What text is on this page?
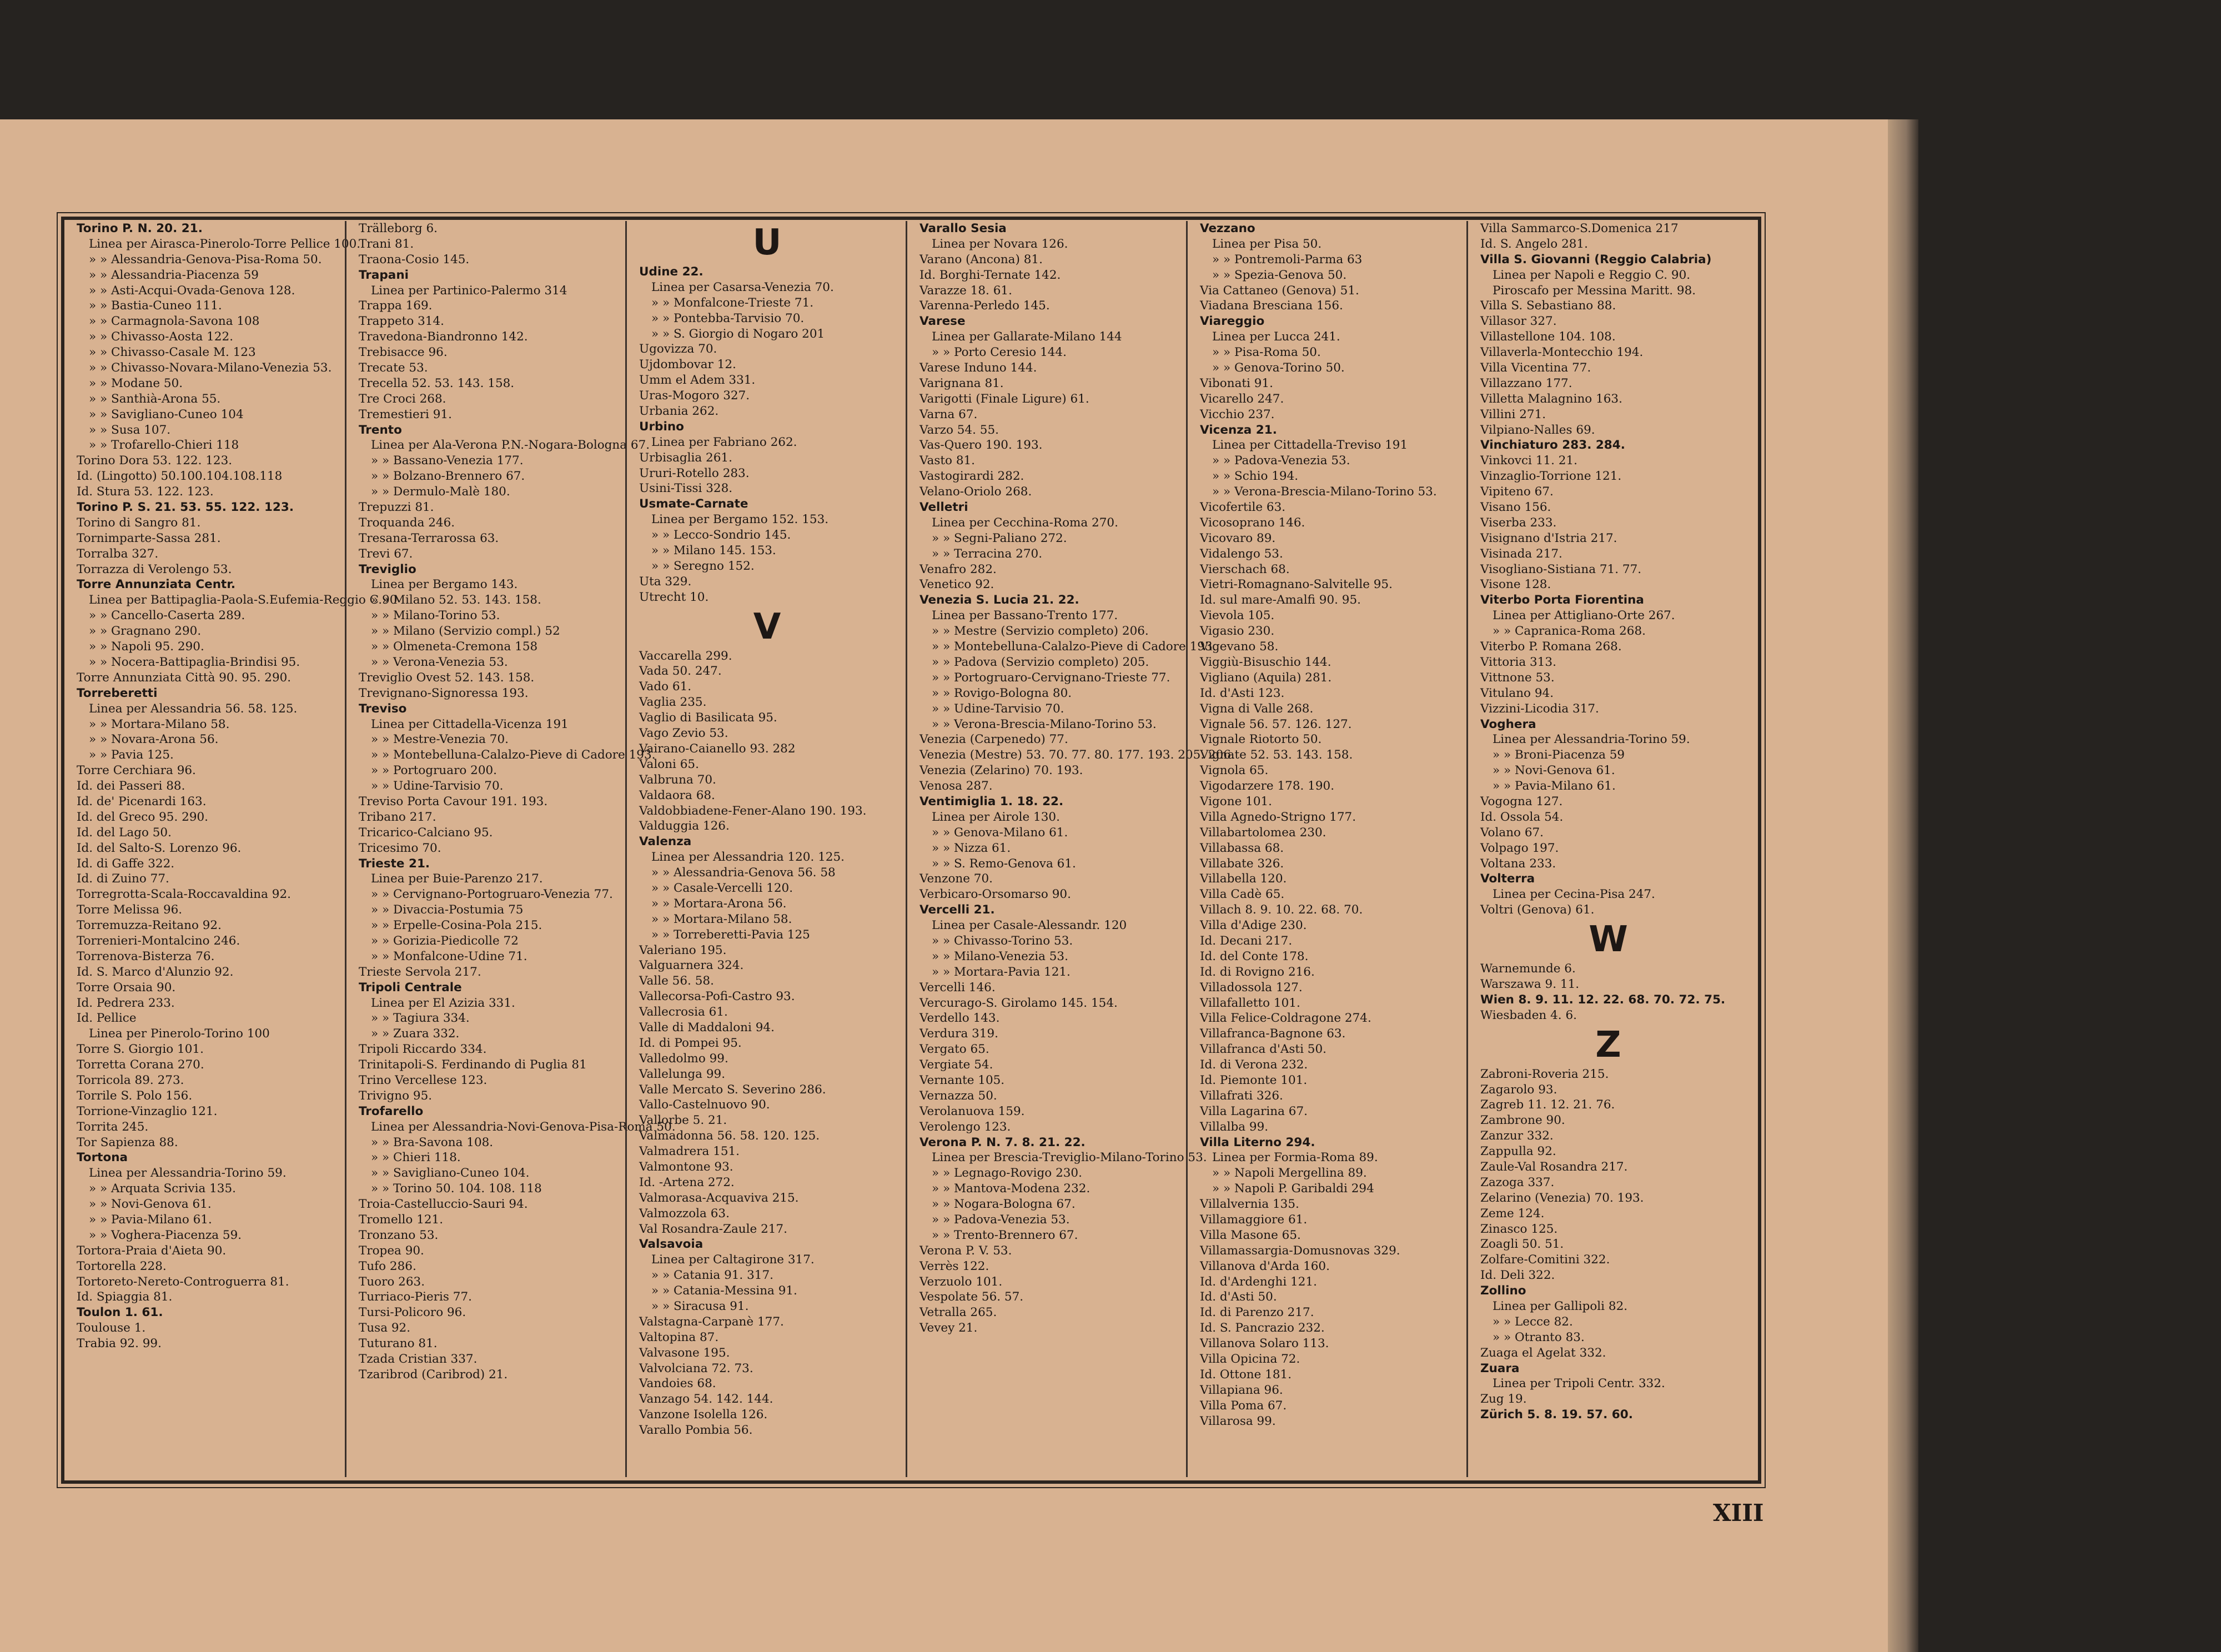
Torino P. N. 20. 21.
Linea per Airasca-Pinerolo-Torre Pellice 100.
» » Alessandria-Genova-Pisa-Roma 50.
» » Alessandria-Piacenza 59
» » Asti-Acqui-Ovada-Genova 128.
» » Bastia-Cuneo 111.
» » Carmagnola-Savona 108
» » Chivasso-Aosta 122.
» » Chivasso-Casale M. 123
» » Chivasso-Novara-Milano-Venezia 53.
» » Modane 50.
» » Santhià-Arona 55.
» » Savigliano-Cuneo 104
» » Susa 107.
» » Trofarello-Chieri 118
Torino Dora 53. 122. 123.
Id. (Lingotto) 50.100.104.108.118
Id. Stura 53. 122. 123.
Torino P. S. 21. 53. 55. 122. 123.
Torino di Sangro 81.
Tornimparte-Sassa 281.
Torralba 327.
Torrazza di Verolengo 53.
Torre Annunziata Centr.
Linea per Battipaglia-Paola-S.Eufemia-Reggio C.90
» » Cancello-Caserta 289.
» » Gragnano 290.
» » Napoli 95. 290.
» » Nocera-Battipaglia-Brindisi 95.
Torre Annunziata Città 90. 95. 290.
Torreberetti
Linea per Alessandria 56. 58. 125.
» » Mortara-Milano 58.
» » Novara-Arona 56.
» » Pavia 125.
Torre Cerchiara 96.
Id. dei Passeri 88.
Id. de' Picenardi 163.
Id. del Greco 95. 290.
Id. del Lago 50.
Id. del Salto-S. Lorenzo 96.
Id. di Gaffe 322.
Id. di Zuino 77.
Torregrotta-Scala-Roccavaldina 92.
Torre Melissa 96.
Torremuzza-Reitano 92.
Torrenieri-Montalcino 246.
Torrenova-Bisterza 76.
Id. S. Marco d'Alunzio 92.
Torre Orsaia 90.
Id. Pedrera 233.
Id. Pellice
Linea per Pinerolo-Torino 100
Torre S. Giorgio 101.
Torretta Corana 270.
Torricola 89. 273.
Torrile S. Polo 156.
Torrione-Vinzaglio 121.
Torrita 245.
Tor Sapienza 88.
Tortona
Linea per Alessandria-Torino 59.
» » Arquata Scrivia 135.
» » Novi-Genova 61.
» » Pavia-Milano 61.
» » Voghera-Piacenza 59.
Tortora-Praia d'Aieta 90.
Tortorella 228.
Tortoreto-Nereto-Controguerra 81.
Id. Spiaggia 81.
Toulon 1. 61.
Toulouse 1.
Trabia 92. 99.
Trälleborg 6.
Trani 81.
Traona-Cosio 145.
Trapani
Linea per Partinico-Palermo 314
Trappa 169.
Trappeto 314.
Travedona-Biandronno 142.
Trebisacce 96.
Trecate 53.
Trecella 52. 53. 143. 158.
Tre Croci 268.
Tremestieri 91.
Trento
Linea per Ala-Verona P.N.-Nogara-Bologna 67.
» » Bassano-Venezia 177.
» » Bolzano-Brennero 67.
» » Dermulo-Malè 180.
Trepuzzi 81.
Troquanda 246.
Tresana-Terrarossa 63.
Trevi 67.
Treviglio
Linea per Bergamo 143.
» » Milano 52. 53. 143. 158.
» » Milano-Torino 53.
» » Milano (Servizio compl.) 52
» » Olmeneta-Cremona 158
» » Verona-Venezia 53.
Treviglio Ovest 52. 143. 158.
Trevignano-Signoressa 193.
Treviso
Linea per Cittadella-Vicenza 191
» » Mestre-Venezia 70.
» » Montebelluna-Calalzo-Pieve di Cadore 193.
» » Portogruaro 200.
» » Udine-Tarvisio 70.
Treviso Porta Cavour 191. 193.
Tribano 217.
Tricarico-Calciano 95.
Tricesimo 70.
Trieste 21.
Linea per Buie-Parenzo 217.
» » Cervignano-Portogruaro-Venezia 77.
» » Divaccia-Postumia 75
» » Erpelle-Cosina-Pola 215.
» » Gorizia-Piedicolle 72
» » Monfalcone-Udine 71.
Trieste Servola 217.
Tripoli Centrale
Linea per El Azizia 331.
» » Tagiura 334.
» » Zuara 332.
Tripoli Riccardo 334.
Trinitapoli-S. Ferdinando di Puglia 81
Trino Vercellese 123.
Trivigno 95.
Trofarello
Linea per Alessandria-Novi-Genova-Pisa-Roma 50.
» » Bra-Savona 108.
» » Chieri 118.
» » Savigliano-Cuneo 104.
» » Torino 50. 104. 108. 118
Troia-Castelluccio-Sauri 94.
Tromello 121.
Tronzano 53.
Tropea 90.
Tufo 286.
Tuoro 263.
Turriaco-Pieris 77.
Tursi-Policoro 96.
Tusa 92.
Tuturano 81.
Tzada Cristian 337.
Tzaribrod (Caribrod) 21.
U
Udine 22.
Linea per Casarsa-Venezia 70.
» » Monfalcone-Trieste 71.
» » Pontebba-Tarvisio 70.
» » S. Giorgio di Nogaro 201
Ugovizza 70.
Ujdombovar 12.
Umm el Adem 331.
Uras-Mogoro 327.
Urbania 262.
Urbino
Linea per Fabriano 262.
Urbisaglia 261.
Ururi-Rotello 283.
Usini-Tissi 328.
Usmate-Carnate
Linea per Bergamo 152. 153.
» » Lecco-Sondrio 145.
» » Milano 145. 153.
» » Seregno 152.
Uta 329.
Utrecht 10.
V
Vaccarella 299.
Vada 50. 247.
Vado 61.
Vaglia 235.
Vaglio di Basilicata 95.
Vago Zevio 53.
Vairano-Caianello 93. 282
Valoni 65.
Valbruna 70.
Valdaora 68.
Valdobbiadene-Fener-Alano 190. 193.
Valduggia 126.
Valenza
Linea per Alessandria 120. 125.
» » Alessandria-Genova 56. 58
» » Casale-Vercelli 120.
» » Mortara-Arona 56.
» » Mortara-Milano 58.
» » Torreberetti-Pavia 125
Valeriano 195.
Valguarnera 324.
Valle 56. 58.
Vallecorsa-Pofi-Castro 93.
Vallecrosia 61.
Valle di Maddaloni 94.
Id. di Pompei 95.
Valledolmo 99.
Vallelunga 99.
Valle Mercato S. Severino 286.
Vallo-Castelnuovo 90.
Vallorbe 5. 21.
Valmadonna 56. 58. 120. 125.
Valmadrera 151.
Valmontone 93.
Id. -Artena 272.
Valmorasa-Acquaviva 215.
Valmozzola 63.
Val Rosandra-Zaule 217.
Valsavoia
Linea per Caltagirone 317.
» » Catania 91. 317.
» » Catania-Messina 91.
» » Siracusa 91.
Valstagna-Carpanè 177.
Valtopina 87.
Valvasone 195.
Valvolciana 72. 73.
Vandoies 68.
Vanzago 54. 142. 144.
Vanzone Isolella 126.
Varallo Pombia 56.
Varallo Sesia
Linea per Novara 126.
Varano (Ancona) 81.
Id. Borghi-Ternate 142.
Varazze 18. 61.
Varenna-Perledo 145.
Varese
Linea per Gallarate-Milano 144
» » Porto Ceresio 144.
Varese Induno 144.
Varignana 81.
Varigotti (Finale Ligure) 61.
Varna 67.
Varzo 54. 55.
Vas-Quero 190. 193.
Vasto 81.
Vastogirardi 282.
Velano-Oriolo 268.
Velletri
Linea per Cecchina-Roma 270.
» » Segni-Paliano 272.
» » Terracina 270.
Venafro 282.
Venetico 92.
Venezia S. Lucia 21. 22.
Linea per Bassano-Trento 177.
» » Mestre (Servizio completo) 206.
» » Montebelluna-Calalzo-Pieve di Cadore 193.
» » Padova (Servizio completo) 205.
» » Portogruaro-Cervignano-Trieste 77.
» » Rovigo-Bologna 80.
» » Udine-Tarvisio 70.
» » Verona-Brescia-Milano-Torino 53.
Venezia (Carpenedo) 77.
Venezia (Mestre) 53. 70. 77. 80. 177. 193. 205. 206.
Venezia (Zelarino) 70. 193.
Venosa 287.
Ventimiglia 1. 18. 22.
Linea per Airole 130.
» » Genova-Milano 61.
» » Nizza 61.
» » S. Remo-Genova 61.
Venzone 70.
Verbicaro-Orsomarso 90.
Vercelli 21.
Linea per Casale-Alessandr. 120
» » Chivasso-Torino 53.
» » Milano-Venezia 53.
» » Mortara-Pavia 121.
Vercelli 146.
Vercurago-S. Girolamo 145. 154.
Verdello 143.
Verdura 319.
Vergato 65.
Vergiate 54.
Vernante 105.
Vernazza 50.
Verolanuova 159.
Verolengo 123.
Verona P. N. 7. 8. 21. 22.
Linea per Brescia-Treviglio-Milano-Torino 53.
» » Legnago-Rovigo 230.
» » Mantova-Modena 232.
» » Nogara-Bologna 67.
» » Padova-Venezia 53.
» » Trento-Brennero 67.
Verona P. V. 53.
Verrès 122.
Verzuolo 101.
Vespolate 56. 57.
Vetralla 265.
Vevey 21.
Vezzano
Linea per Pisa 50.
» » Pontremoli-Parma 63
» » Spezia-Genova 50.
Via Cattaneo (Genova) 51.
Viadana Bresciana 156.
Viareggio
Linea per Lucca 241.
» » Pisa-Roma 50.
» » Genova-Torino 50.
Vibonati 91.
Vicarello 247.
Vicchio 237.
Vicenza 21.
Linea per Cittadella-Treviso 191
» » Padova-Venezia 53.
» » Schio 194.
» » Verona-Brescia-Milano-Torino 53.
Vicofertile 63.
Vicosoprano 146.
Vicovaro 89.
Vidalengo 53.
Vierschach 68.
Vietri-Romagnano-Salvitelle 95.
Id. sul mare-Amalfi 90. 95.
Vievola 105.
Vigasio 230.
Vigevano 58.
Viggiù-Bisuschio 144.
Vigliano (Aquila) 281.
Id. d'Asti 123.
Vigna di Valle 268.
Vignale 56. 57. 126. 127.
Vignale Riotorto 50.
Vignate 52. 53. 143. 158.
Vignola 65.
Vigodarzere 178. 190.
Vigone 101.
Villa Agnedo-Strigno 177.
Villabartolomea 230.
Villabassa 68.
Villabate 326.
Villabella 120.
Villa Cadè 65.
Villach 8. 9. 10. 22. 68. 70.
Villa d'Adige 230.
Id. Decani 217.
Id. del Conte 178.
Id. di Rovigno 216.
Villadossola 127.
Villafalletto 101.
Villa Felice-Coldragone 274.
Villafranca-Bagnone 63.
Villafranca d'Asti 50.
Id. di Verona 232.
Id. Piemonte 101.
Villafrati 326.
Villa Lagarina 67.
Villalba 99.
Villa Literno 294.
Linea per Formia-Roma 89.
» » Napoli Mergellina 89.
» » Napoli P. Garibaldi 294
Villalvernia 135.
Villamaggiore 61.
Villa Masone 65.
Villamassargia-Domusnovas 329.
Villanova d'Arda 160.
Id. d'Ardenghi 121.
Id. d'Asti 50.
Id. di Parenzo 217.
Id. S. Pancrazio 232.
Villanova Solaro 113.
Villa Opicina 72.
Id. Ottone 181.
Villapiana 96.
Villa Poma 67.
Villarosa 99.
Villa Sammarco-S.Domenica 217
Id. S. Angelo 281.
Villa S. Giovanni (Reggio Calabria)
Linea per Napoli e Reggio C. 90.
Piroscafo per Messina Maritt. 98.
Villa S. Sebastiano 88.
Villasor 327.
Villastellone 104. 108.
Villaverla-Montecchio 194.
Villa Vicentina 77.
Villazzano 177.
Villetta Malagnino 163.
Villini 271.
Vilpiano-Nalles 69.
Vinchiaturo 283. 284.
Vinkovci 11. 21.
Vinzaglio-Torrione 121.
Vipiteno 67.
Visano 156.
Viserba 233.
Visignano d'Istria 217.
Visinada 217.
Visogliano-Sistiana 71. 77.
Visone 128.
Viterbo Porta Fiorentina
Linea per Attigliano-Orte 267.
» » Capranica-Roma 268.
Viterbo P. Romana 268.
Vittoria 313.
Vittnone 53.
Vitulano 94.
Vizzini-Licodia 317.
Voghera
Linea per Alessandria-Torino 59.
» » Broni-Piacenza 59
» » Novi-Genova 61.
» » Pavia-Milano 61.
Vogogna 127.
Id. Ossola 54.
Volano 67.
Volpago 197.
Voltana 233.
Volterra
Linea per Cecina-Pisa 247.
Voltri (Genova) 61.
W
Warnemunde 6.
Warszawa 9. 11.
Wien 8. 9. 11. 12. 22. 68. 70. 72. 75.
Wiesbaden 4. 6.
Z
Zabroni-Roveria 215.
Zagarolo 93.
Zagreb 11. 12. 21. 76.
Zambrone 90.
Zanzur 332.
Zappulla 92.
Zaule-Val Rosandra 217.
Zazoga 337.
Zelarino (Venezia) 70. 193.
Zeme 124.
Zinasco 125.
Zoagli 50. 51.
Zolfare-Comitini 322.
Id. Deli 322.
Zollino
Linea per Gallipoli 82.
» » Lecce 82.
» » Otranto 83.
Zuaga el Agelat 332.
Zuara
Linea per Tripoli Centr. 332.
Zug 19.
Zürich 5. 8. 19. 57. 60.
XIII
